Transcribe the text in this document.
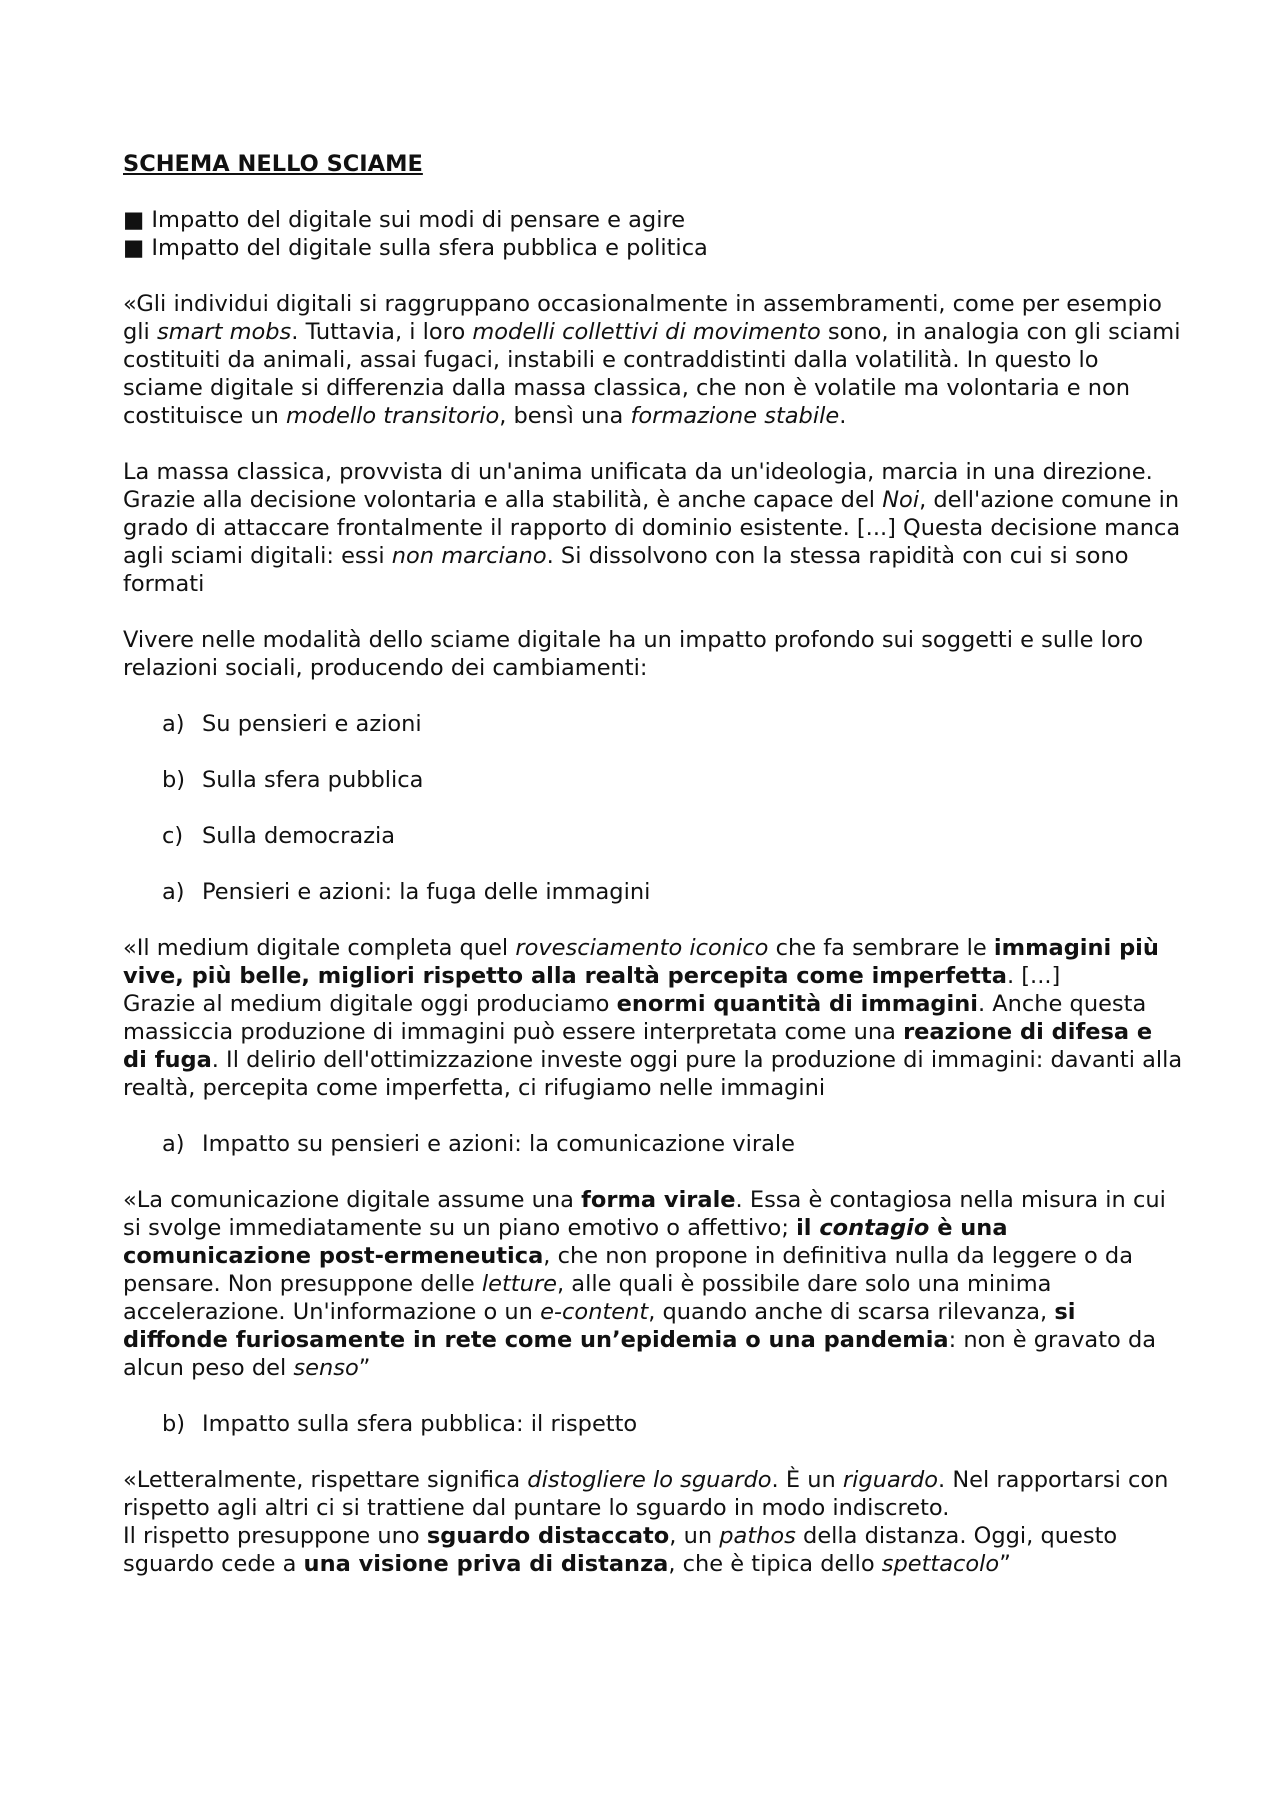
SCHEMA NELLO SCIAME

■ Impatto del digitale sui modi di pensare e agire

■ Impatto del digitale sulla sfera pubblica e politica

«Gli individui digitali si raggruppano occasionalmente in assembramenti, come per esempio gli smart mobs. Tuttavia, i loro modelli collettivi di movimento sono, in analogia con gli sciami costituiti da animali, assai fugaci, instabili e contraddistinti dalla volatilità. In questo lo sciame digitale si differenzia dalla massa classica, che non è volatile ma volontaria e non costituisce un modello transitorio, bensì una formazione stabile.

La massa classica, provvista di un'anima unificata da un'ideologia, marcia in una direzione. Grazie alla decisione volontaria e alla stabilità, è anche capace del Noi, dell'azione comune in grado di attaccare frontalmente il rapporto di dominio esistente. [...] Questa decisione manca agli sciami digitali: essi non marciano. Si dissolvono con la stessa rapidità con cui si sono formati

Vivere nelle modalità dello sciame digitale ha un impatto profondo sui soggetti e sulle loro relazioni sociali, producendo dei cambiamenti:

a) Su pensieri e azioni
b) Sulla sfera pubblica
c) Sulla democrazia
a) Pensieri e azioni: la fuga delle immagini

«Il medium digitale completa quel rovesciamento iconico che fa sembrare le immagini più vive, più belle, migliori rispetto alla realtà percepita come imperfetta. [...]

Grazie al medium digitale oggi produciamo enormi quantità di immagini. Anche questa massiccia produzione di immagini può essere interpretata come una reazione di difesa e di fuga. Il delirio dell'ottimizzazione investe oggi pure la produzione di immagini: davanti alla realtà, percepita come imperfetta, ci rifugiamo nelle immagini

a) Impatto su pensieri e azioni: la comunicazione virale

«La comunicazione digitale assume una forma virale. Essa è contagiosa nella misura in cui si svolge immediatamente su un piano emotivo o affettivo; il contagio è una comunicazione post-ermeneutica, che non propone in definitiva nulla da leggere o da pensare. Non presuppone delle letture, alle quali è possibile dare solo una minima accelerazione. Un'informazione o un e-content, quando anche di scarsa rilevanza, si diffonde furiosamente in rete come un’epidemia o una pandemia: non è gravato da alcun peso del senso”

b) Impatto sulla sfera pubblica: il rispetto

«Letteralmente, rispettare significa distogliere lo sguardo. È un riguardo. Nel rapportarsi con rispetto agli altri ci si trattiene dal puntare lo sguardo in modo indiscreto.

Il rispetto presuppone uno sguardo distaccato, un pathos della distanza. Oggi, questo sguardo cede a una visione priva di distanza, che è tipica dello spettacolo”
